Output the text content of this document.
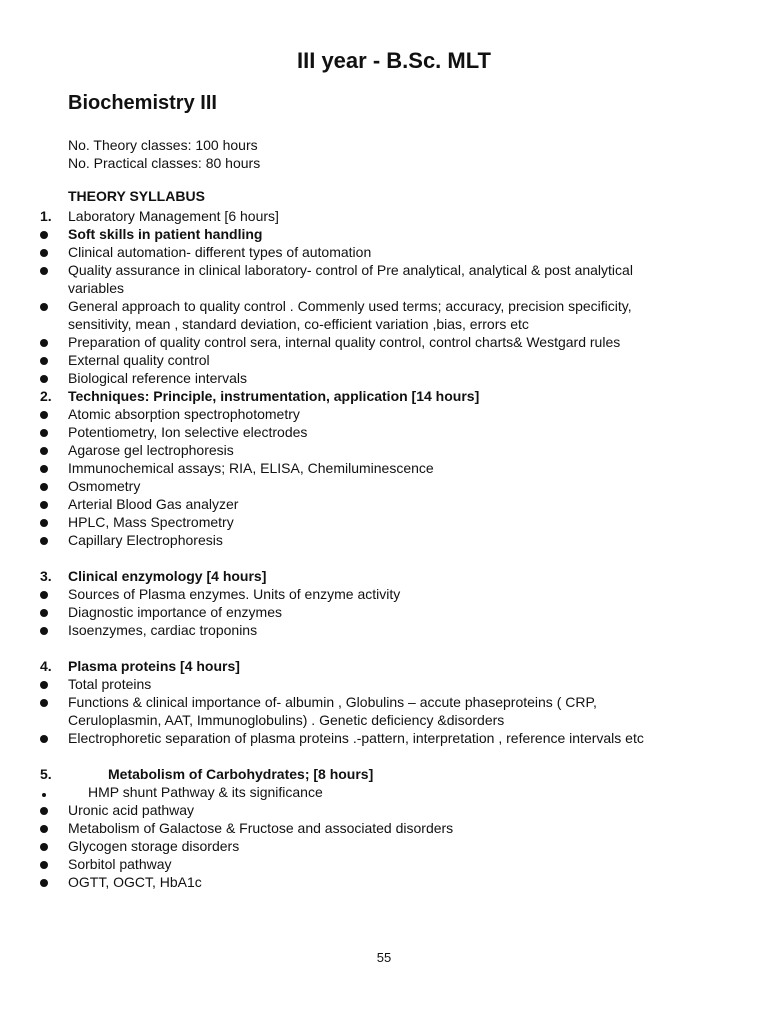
III year - B.Sc. MLT
Biochemistry III
No. Theory classes: 100 hours
No. Practical classes: 80 hours
THEORY SYLLABUS
1.	Laboratory Management [6 hours]
Soft skills in patient handling
Clinical automation- different types of automation
Quality assurance in clinical laboratory- control of Pre analytical, analytical & post analytical variables
General approach to quality control . Commenly used terms; accuracy, precision specificity, sensitivity, mean , standard deviation, co-efficient variation ,bias, errors etc
Preparation of quality control sera, internal quality control, control charts& Westgard rules
External quality control
Biological reference intervals
2.	Techniques: Principle, instrumentation, application [14 hours]
Atomic absorption spectrophotometry
Potentiometry, Ion selective electrodes
Agarose gel lectrophoresis
Immunochemical assays; RIA, ELISA, Chemiluminescence
Osmometry
Arterial Blood Gas analyzer
HPLC, Mass Spectrometry
Capillary Electrophoresis
3.	Clinical enzymology [4 hours]
Sources of Plasma enzymes. Units of enzyme activity
Diagnostic importance of enzymes
Isoenzymes, cardiac troponins
4.	Plasma proteins [4 hours]
Total proteins
Functions & clinical importance of- albumin , Globulins – accute phaseproteins ( CRP, Ceruloplasmin, AAT, Immunoglobulins) . Genetic deficiency &disorders
Electrophoretic separation of plasma proteins .-pattern, interpretation , reference intervals etc
5.	Metabolism of Carbohydrates; [8 hours]
HMP shunt Pathway & its significance
Uronic acid pathway
Metabolism of Galactose & Fructose and associated disorders
Glycogen storage disorders
Sorbitol pathway
OGTT, OGCT, HbA1c
55
